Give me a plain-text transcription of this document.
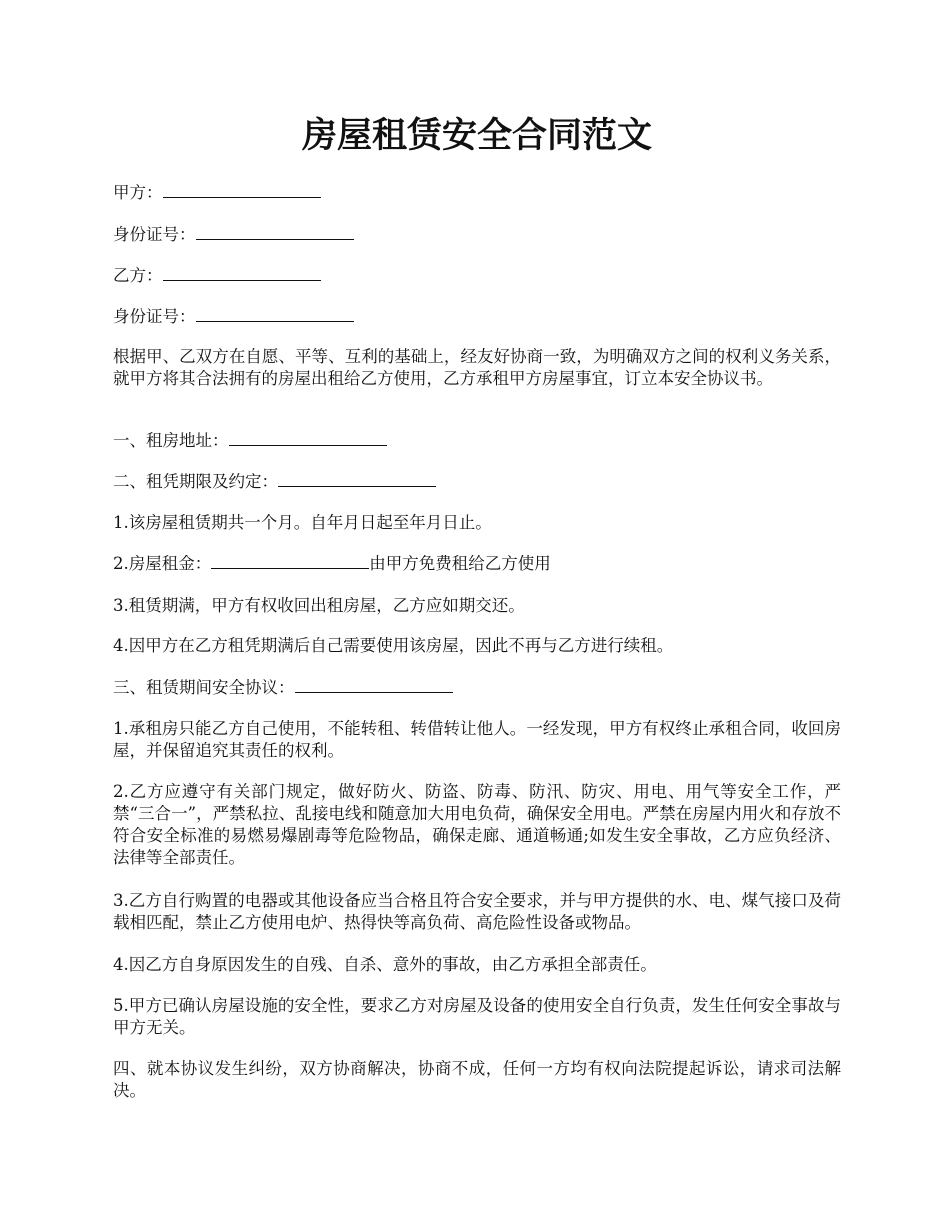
房屋租赁安全合同范文

甲方：

身份证号：

乙方：

身份证号：

根据甲、乙双方在自愿、平等、互利的基础上，经友好协商一致，为明确双方之间的权利义务关系，就甲方将其合法拥有的房屋出租给乙方使用，乙方承租甲方房屋事宜，订立本安全协议书。

一、租房地址：

二、租凭期限及约定：

1.该房屋租赁期共一个月。自年月日起至年月日止。

2.房屋租金：	由甲方免费租给乙方使用

3.租赁期满，甲方有权收回出租房屋，乙方应如期交还。

4.因甲方在乙方租凭期满后自己需要使用该房屋，因此不再与乙方进行续租。

三、租赁期间安全协议：

1.承租房只能乙方自己使用，不能转租、转借转让他人。一经发现，甲方有权终止承租合同，收回房屋，并保留追究其责任的权利。

2.乙方应遵守有关部门规定，做好防火、防盗、防毒、防汛、防灾、用电、用气等安全工作，严禁“三合一”，严禁私拉、乱接电线和随意加大用电负荷，确保安全用电。严禁在房屋内用火和存放不符合安全标准的易燃易爆剧毒等危险物品，确保走廊、通道畅通;如发生安全事故，乙方应负经济、法律等全部责任。

3.乙方自行购置的电器或其他设备应当合格且符合安全要求，并与甲方提供的水、电、煤气接口及荷载相匹配，禁止乙方使用电炉、热得快等高负荷、高危险性设备或物品。

4.因乙方自身原因发生的自残、自杀、意外的事故，由乙方承担全部责任。

5.甲方已确认房屋设施的安全性，要求乙方对房屋及设备的使用安全自行负责，发生任何安全事故与甲方无关。

四、就本协议发生纠纷，双方协商解决，协商不成，任何一方均有权向法院提起诉讼，请求司法解决。
